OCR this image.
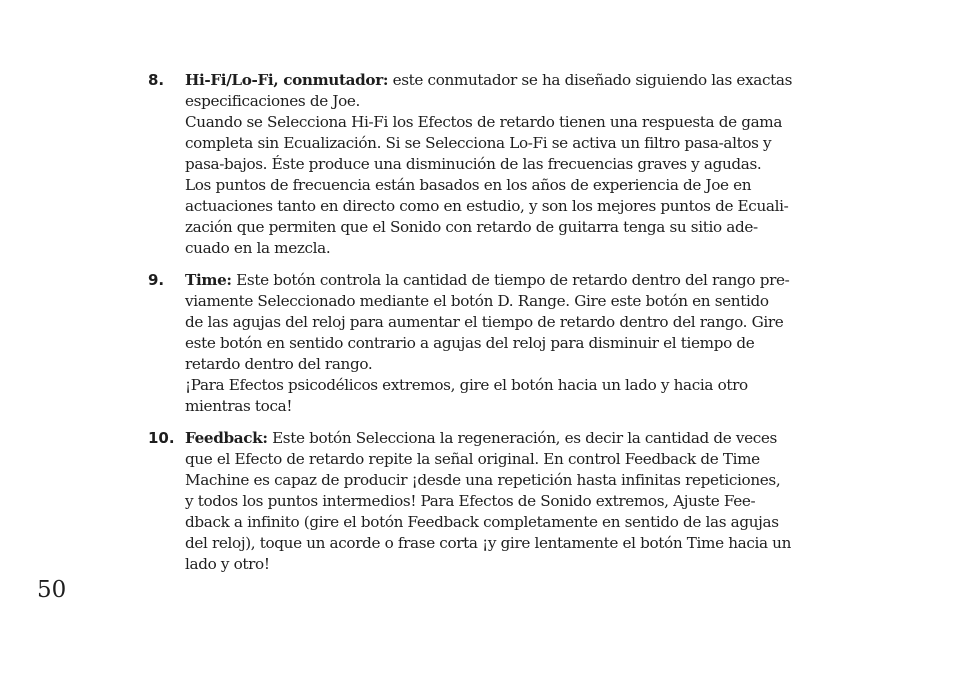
8. Hi-Fi/Lo-Fi, conmutador: este conmutador se ha diseñado siguiendo las exactas
especificaciones de Joe.
Cuando se Selecciona Hi-Fi los Efectos de retardo tienen una respuesta de gama
completa sin Ecualización. Si se Selecciona Lo-Fi se activa un filtro pasa-altos y
pasa-bajos. Éste produce una disminución de las frecuencias graves y agudas.
Los puntos de frecuencia están basados en los años de experiencia de Joe en
actuaciones tanto en directo como en estudio, y son los mejores puntos de Ecuali-
zación que permiten que el Sonido con retardo de guitarra tenga su sitio ade-
cuado en la mezcla.
9. Time: Este botón controla la cantidad de tiempo de retardo dentro del rango pre-
viamente Seleccionado mediante el botón D. Range. Gire este botón en sentido
de las agujas del reloj para aumentar el tiempo de retardo dentro del rango. Gire
este botón en sentido contrario a agujas del reloj para disminuir el tiempo de
retardo dentro del rango.
¡Para Efectos psicodélicos extremos, gire el botón hacia un lado y hacia otro
mientras toca!
10. Feedback: Este botón Selecciona la regeneración, es decir la cantidad de veces
que el Efecto de retardo repite la señal original. En control Feedback de Time
Machine es capaz de producir ¡desde una repetición hasta infinitas repeticiones,
y todos los puntos intermedios! Para Efectos de Sonido extremos, Ajuste Fee-
dback a infinito (gire el botón Feedback completamente en sentido de las agujas
del reloj), toque un acorde o frase corta ¡y gire lentamente el botón Time hacia un
lado y otro!
50
